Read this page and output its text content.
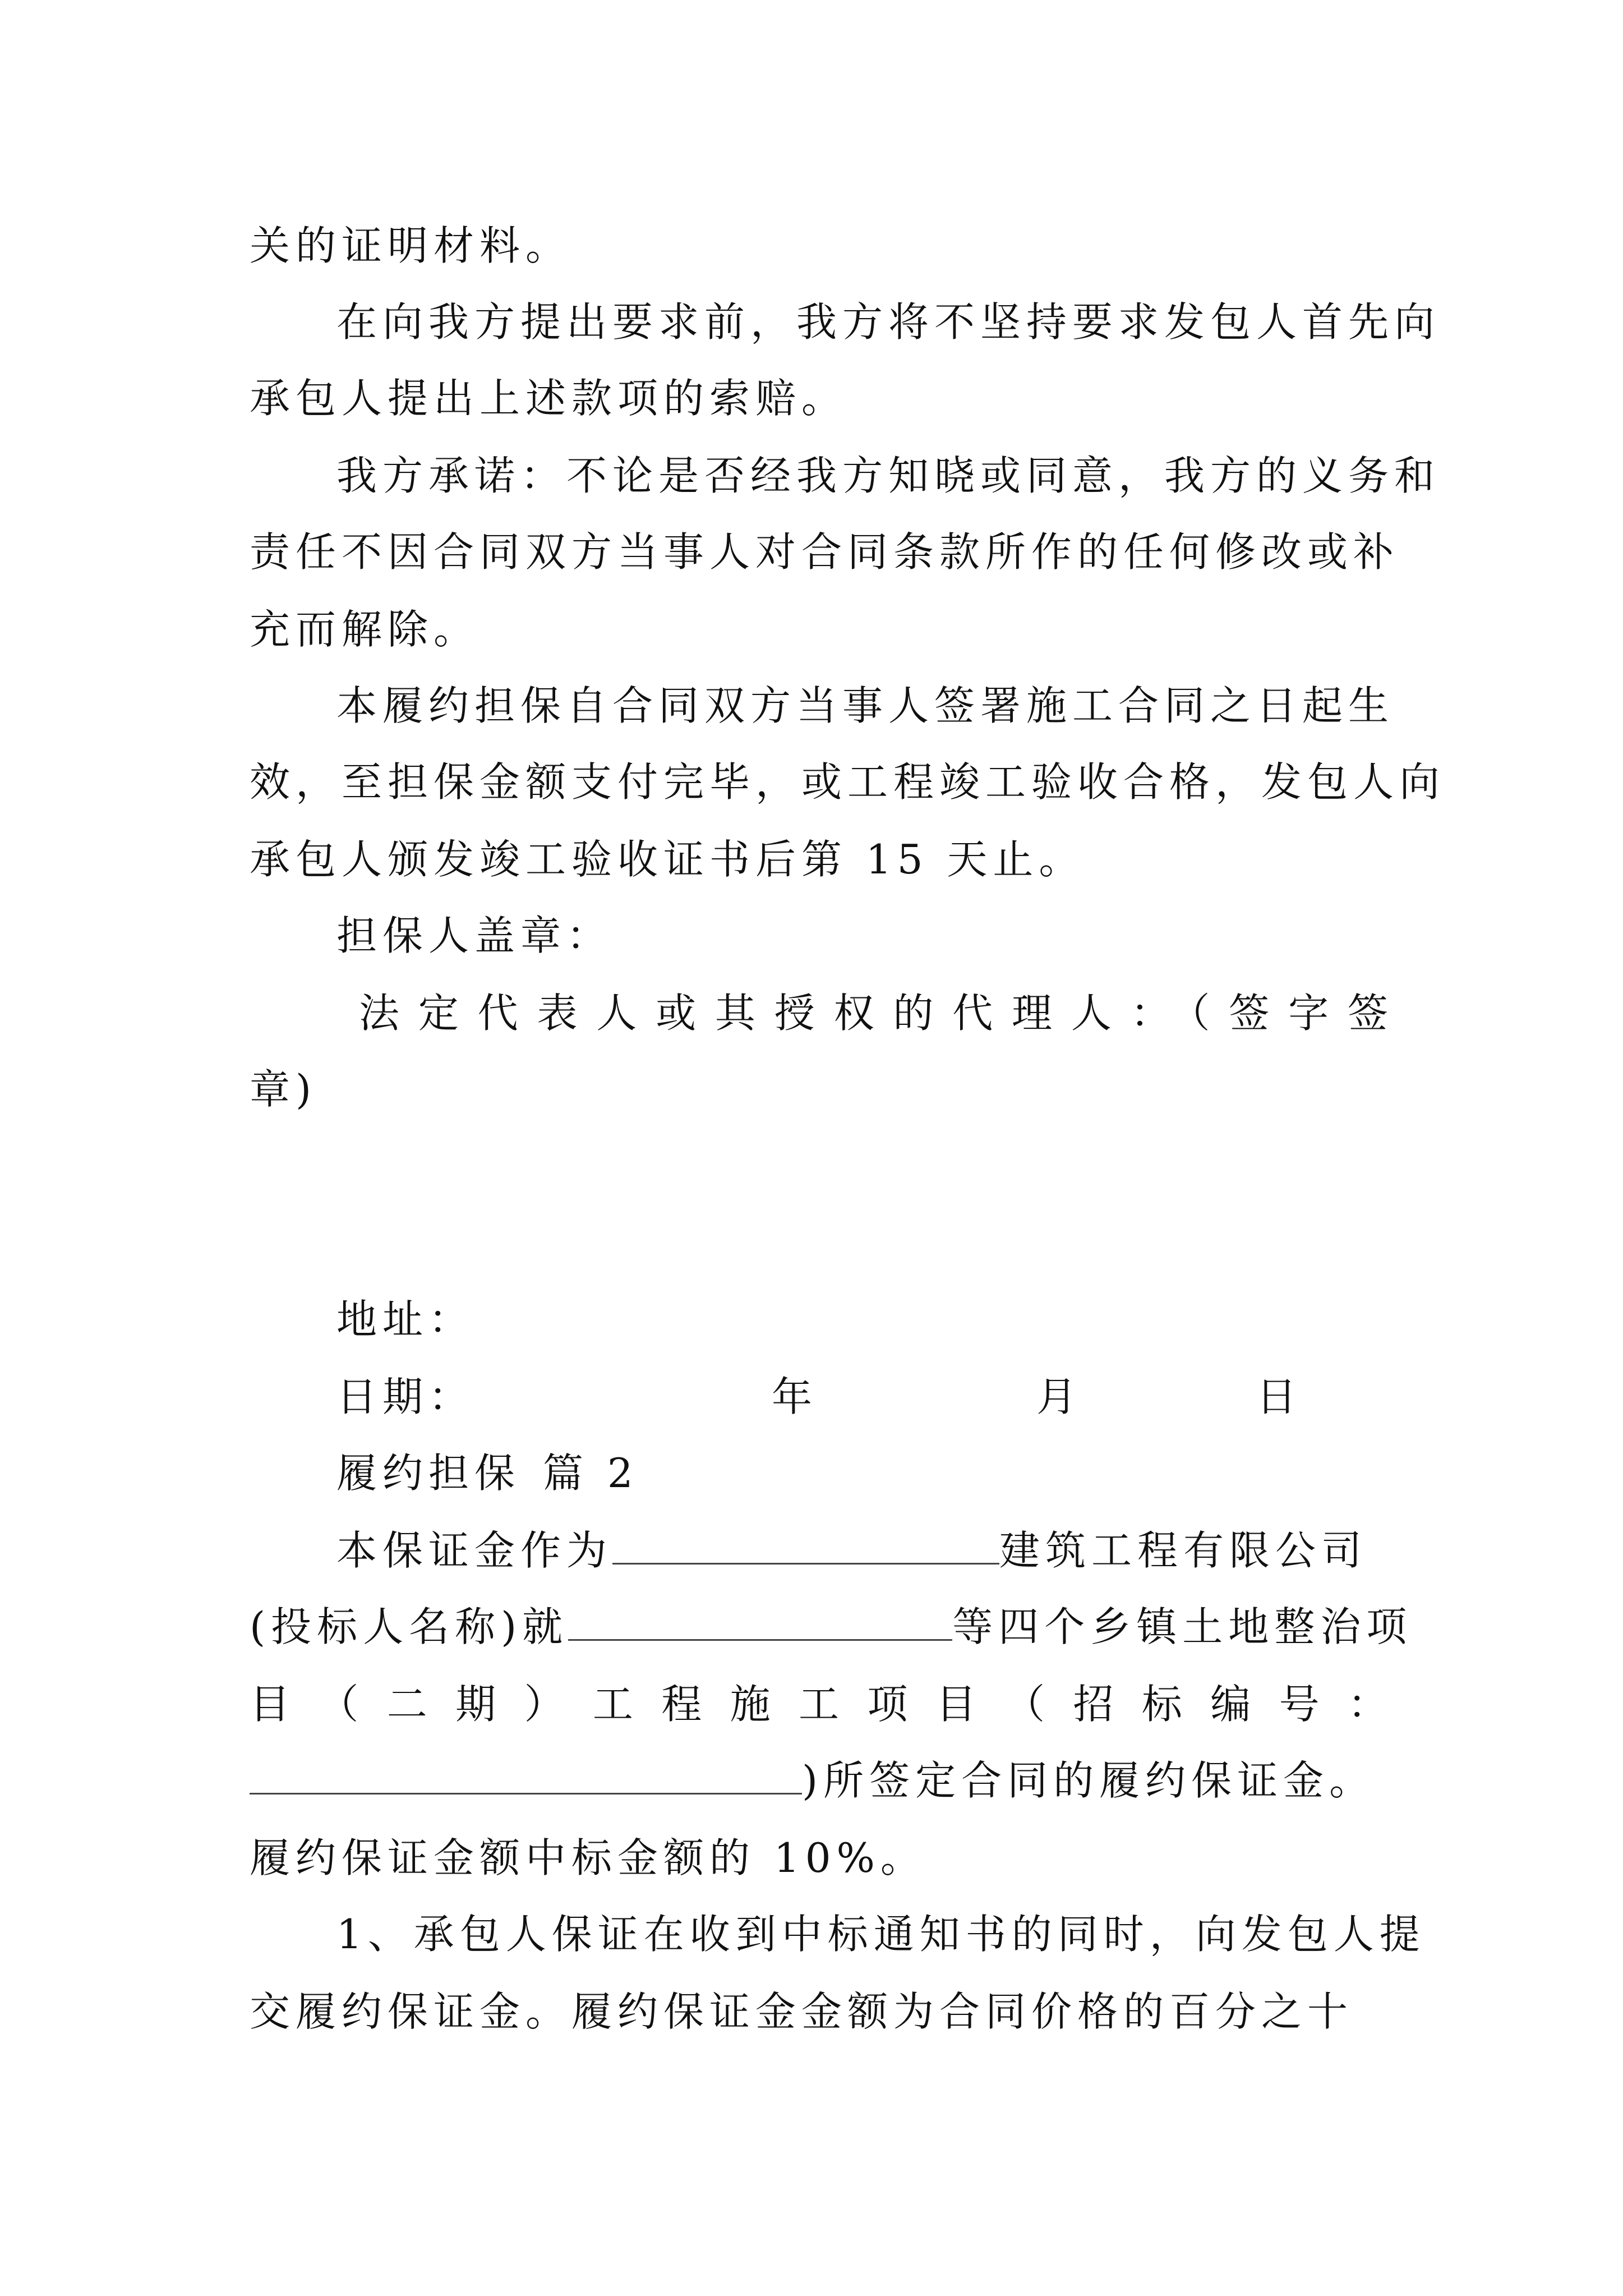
关的证明材料。
在向我方提出要求前，我方将不坚持要求发包人首先向
承包人提出上述款项的索赔。
我方承诺：不论是否经我方知晓或同意，我方的义务和
责任不因合同双方当事人对合同条款所作的任何修改或补
充而解除。
本履约担保自合同双方当事人签署施工合同之日起生
效，至担保金额支付完毕，或工程竣工验收合格，发包人向
承包人颁发竣工验收证书后第 15 天止。
担保人盖章：
法定代表人或其授权的代理人：（签字签
章)
地址：
日期：	年	月	日
履约担保 篇 2
本保证金作为	建筑工程有限公司
(投标人名称)就	等四个乡镇土地整治项
目（二期）工程施工项目（招标编号：
)所签定合同的履约保证金。
履约保证金额中标金额的 10%。
1、承包人保证在收到中标通知书的同时，向发包人提
交履约保证金。履约保证金金额为合同价格的百分之十
